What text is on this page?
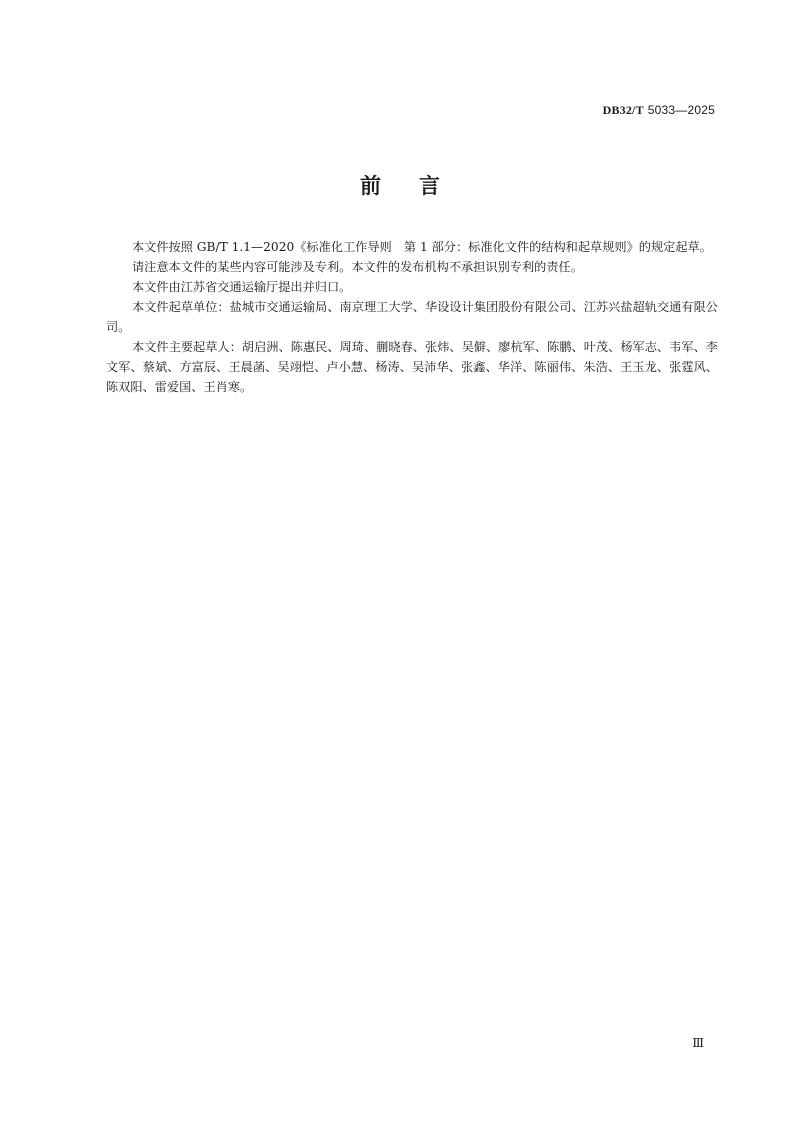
DB32/T 5033—2025
前言

本文件按照 GB/T 1.1—2020《标准化工作导则　第 1 部分：标准化文件的结构和起草规则》的规定起草。

请注意本文件的某些内容可能涉及专利。本文件的发布机构不承担识别专利的责任。

本文件由江苏省交通运输厅提出并归口。

本文件起草单位：盐城市交通运输局、南京理工大学、华设设计集团股份有限公司、江苏兴盐超轨交通有限公司。

本文件主要起草人：胡启洲、陈惠民、周琦、蒯晓春、张炜、吴僻、廖杭军、陈鹏、叶茂、杨军志、韦军、李文军、蔡斌、方富辰、王晨菡、吴翊恺、卢小慧、杨涛、吴沛华、张鑫、华洋、陈丽伟、朱浩、王玉龙、张霆风、陈双阳、雷爱国、王肖寒。

Ⅲ
